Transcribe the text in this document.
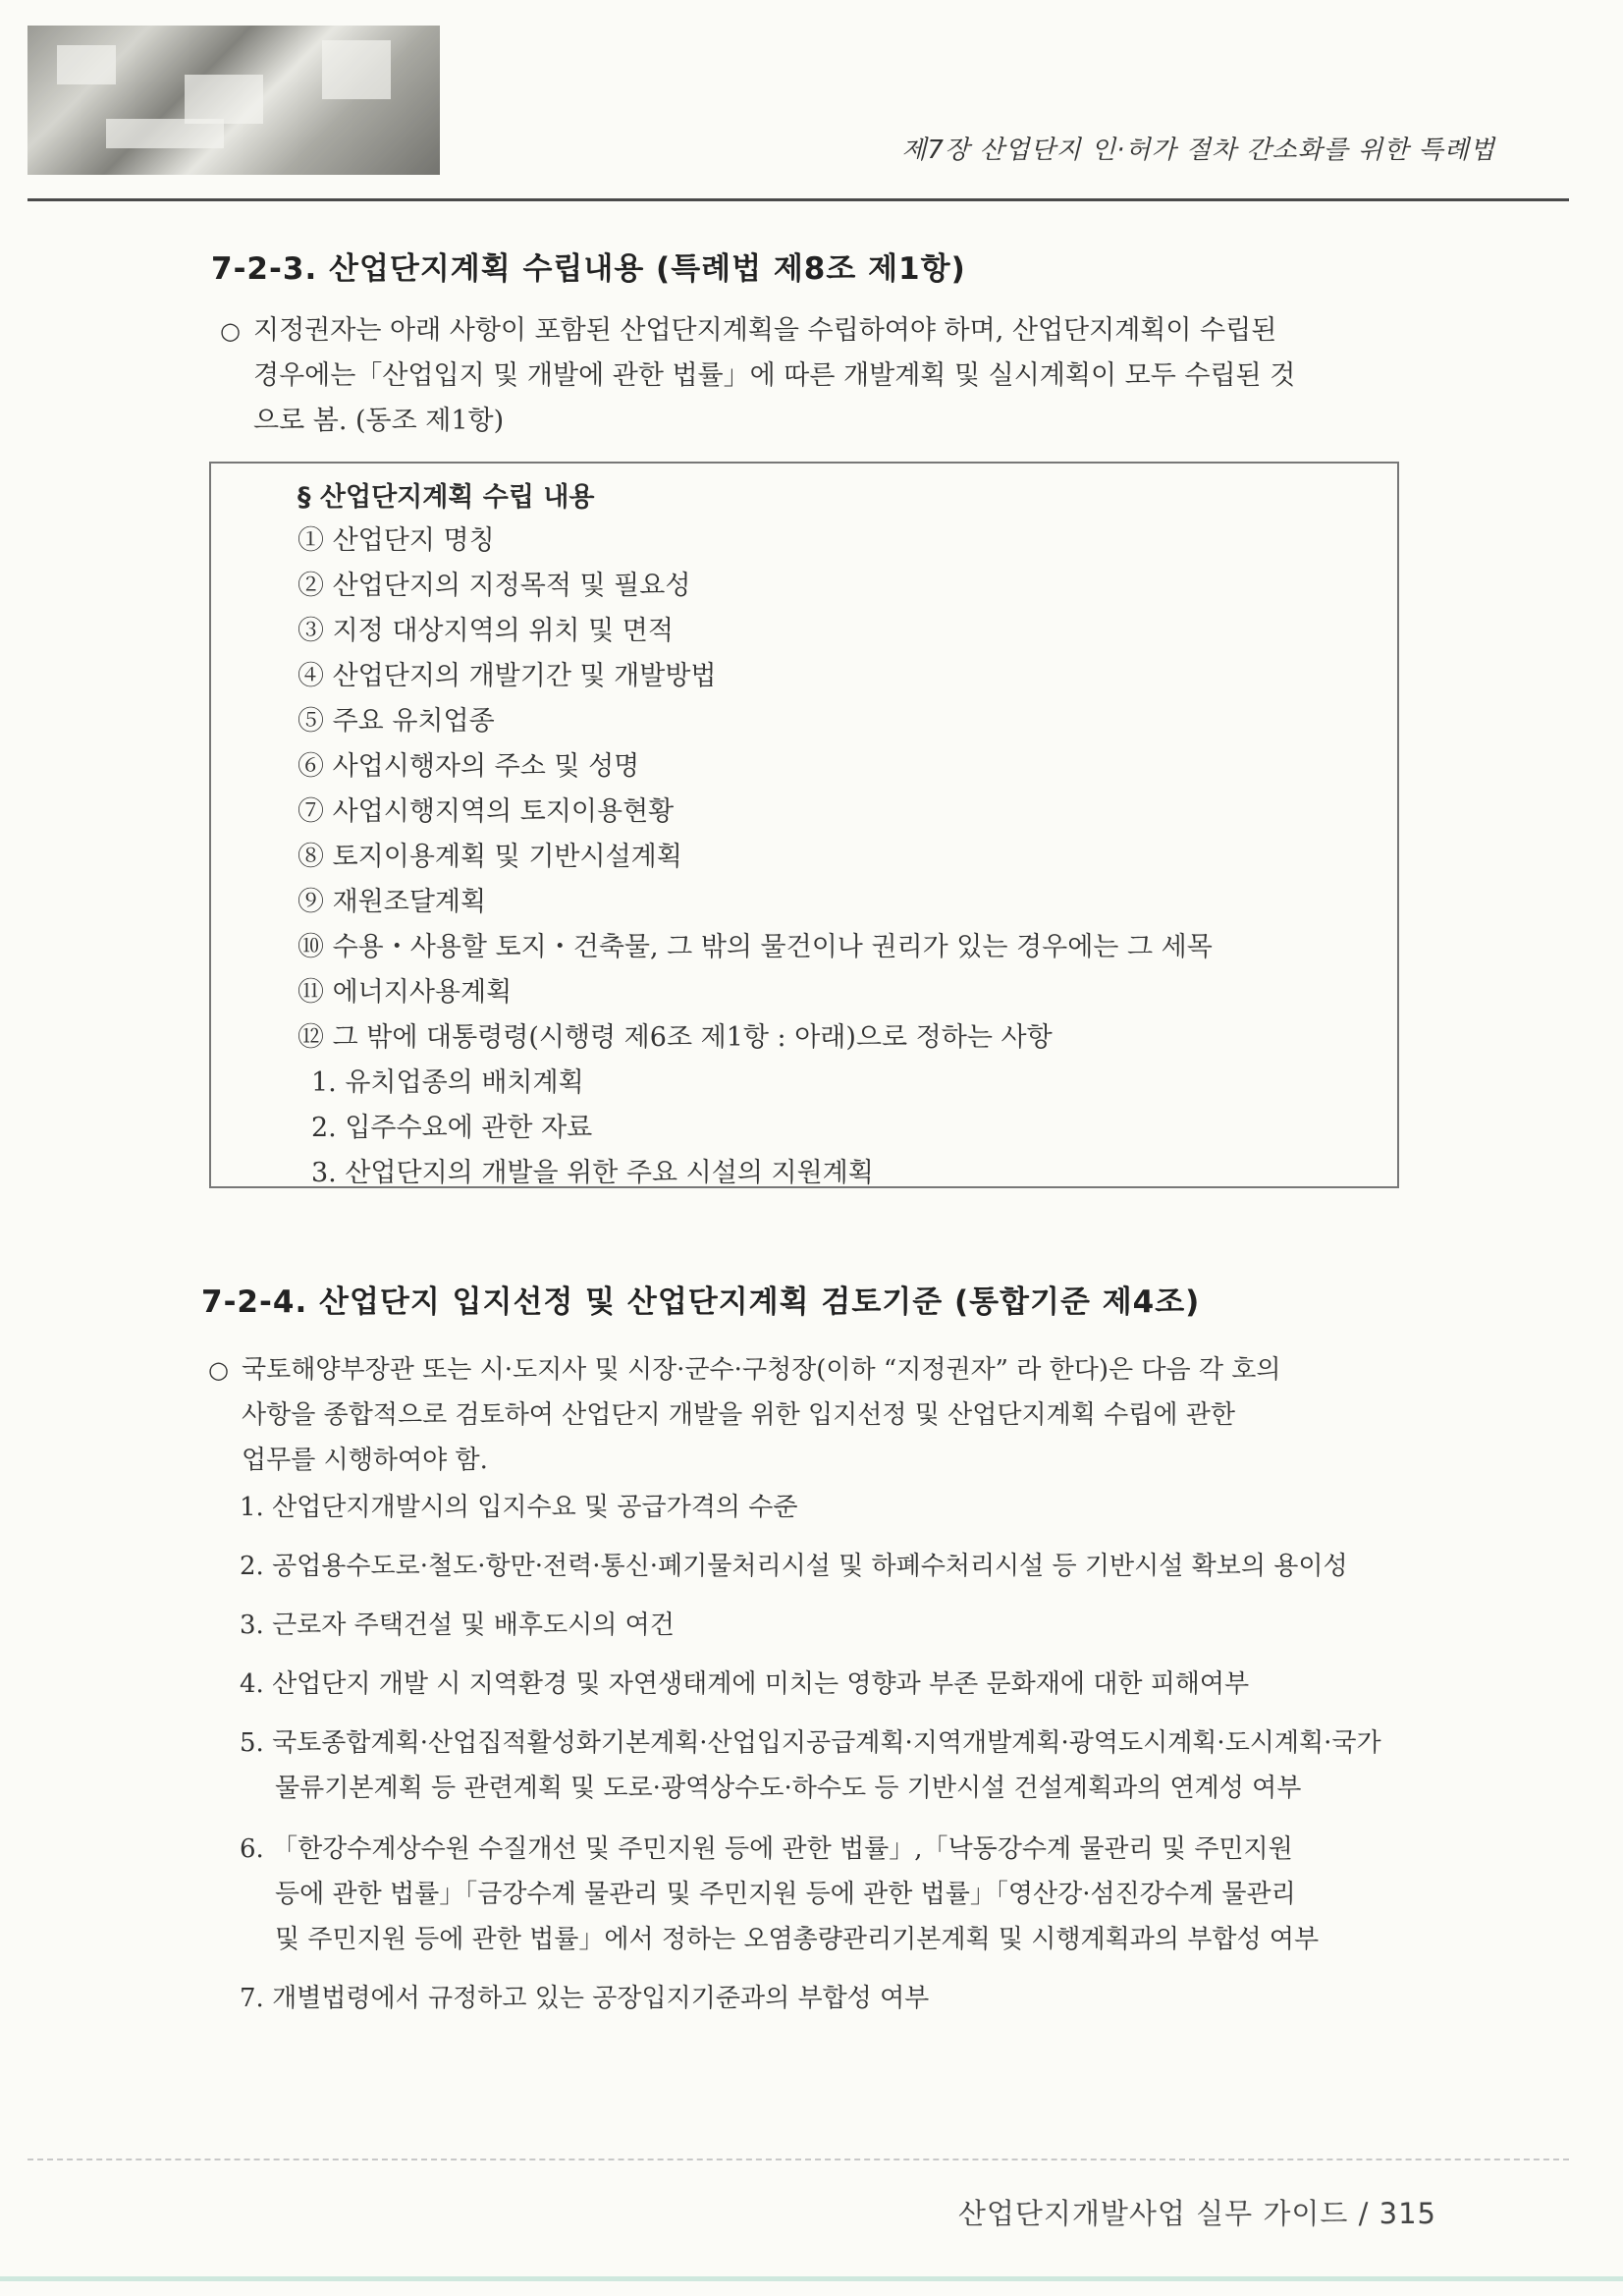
제7장 산업단지 인·허가 절차 간소화를 위한 특례법
7-2-3. 산업단지계획 수립내용 (특례법 제8조 제1항)
○ 지정권자는 아래 사항이 포함된 산업단지계획을 수립하여야 하며, 산업단지계획이 수립된
경우에는「산업입지 및 개발에 관한 법률」에 따른 개발계획 및 실시계획이 모두 수립된 것
으로 봄. (동조 제1항)
§ 산업단지계획 수립 내용
① 산업단지 명칭
② 산업단지의 지정목적 및 필요성
③ 지정 대상지역의 위치 및 면적
④ 산업단지의 개발기간 및 개발방법
⑤ 주요 유치업종
⑥ 사업시행자의 주소 및 성명
⑦ 사업시행지역의 토지이용현황
⑧ 토지이용계획 및 기반시설계획
⑨ 재원조달계획
⑩ 수용・사용할 토지・건축물, 그 밖의 물건이나 권리가 있는 경우에는 그 세목
⑪ 에너지사용계획
⑫ 그 밖에 대통령령(시행령 제6조 제1항 : 아래)으로 정하는 사항
1. 유치업종의 배치계획
2. 입주수요에 관한 자료
3. 산업단지의 개발을 위한 주요 시설의 지원계획
7-2-4. 산업단지 입지선정 및 산업단지계획 검토기준 (통합기준 제4조)
○ 국토해양부장관 또는 시·도지사 및 시장·군수·구청장(이하 “지정권자” 라 한다)은 다음 각 호의
사항을 종합적으로 검토하여 산업단지 개발을 위한 입지선정 및 산업단지계획 수립에 관한
업무를 시행하여야 함.
1. 산업단지개발시의 입지수요 및 공급가격의 수준
2. 공업용수도로·철도·항만·전력·통신·폐기물처리시설 및 하폐수처리시설 등 기반시설 확보의 용이성
3. 근로자 주택건설 및 배후도시의 여건
4. 산업단지 개발 시 지역환경 및 자연생태계에 미치는 영향과 부존 문화재에 대한 피해여부
5. 국토종합계획·산업집적활성화기본계획·산업입지공급계획·지역개발계획·광역도시계획·도시계획·국가
물류기본계획 등 관련계획 및 도로·광역상수도·하수도 등 기반시설 건설계획과의 연계성 여부
6. 「한강수계상수원 수질개선 및 주민지원 등에 관한 법률」,「낙동강수계 물관리 및 주민지원
등에 관한 법률」「금강수계 물관리 및 주민지원 등에 관한 법률」「영산강·섬진강수계 물관리
및 주민지원 등에 관한 법률」에서 정하는 오염총량관리기본계획 및 시행계획과의 부합성 여부
7. 개별법령에서 규정하고 있는 공장입지기준과의 부합성 여부
산업단지개발사업 실무 가이드 / 315
